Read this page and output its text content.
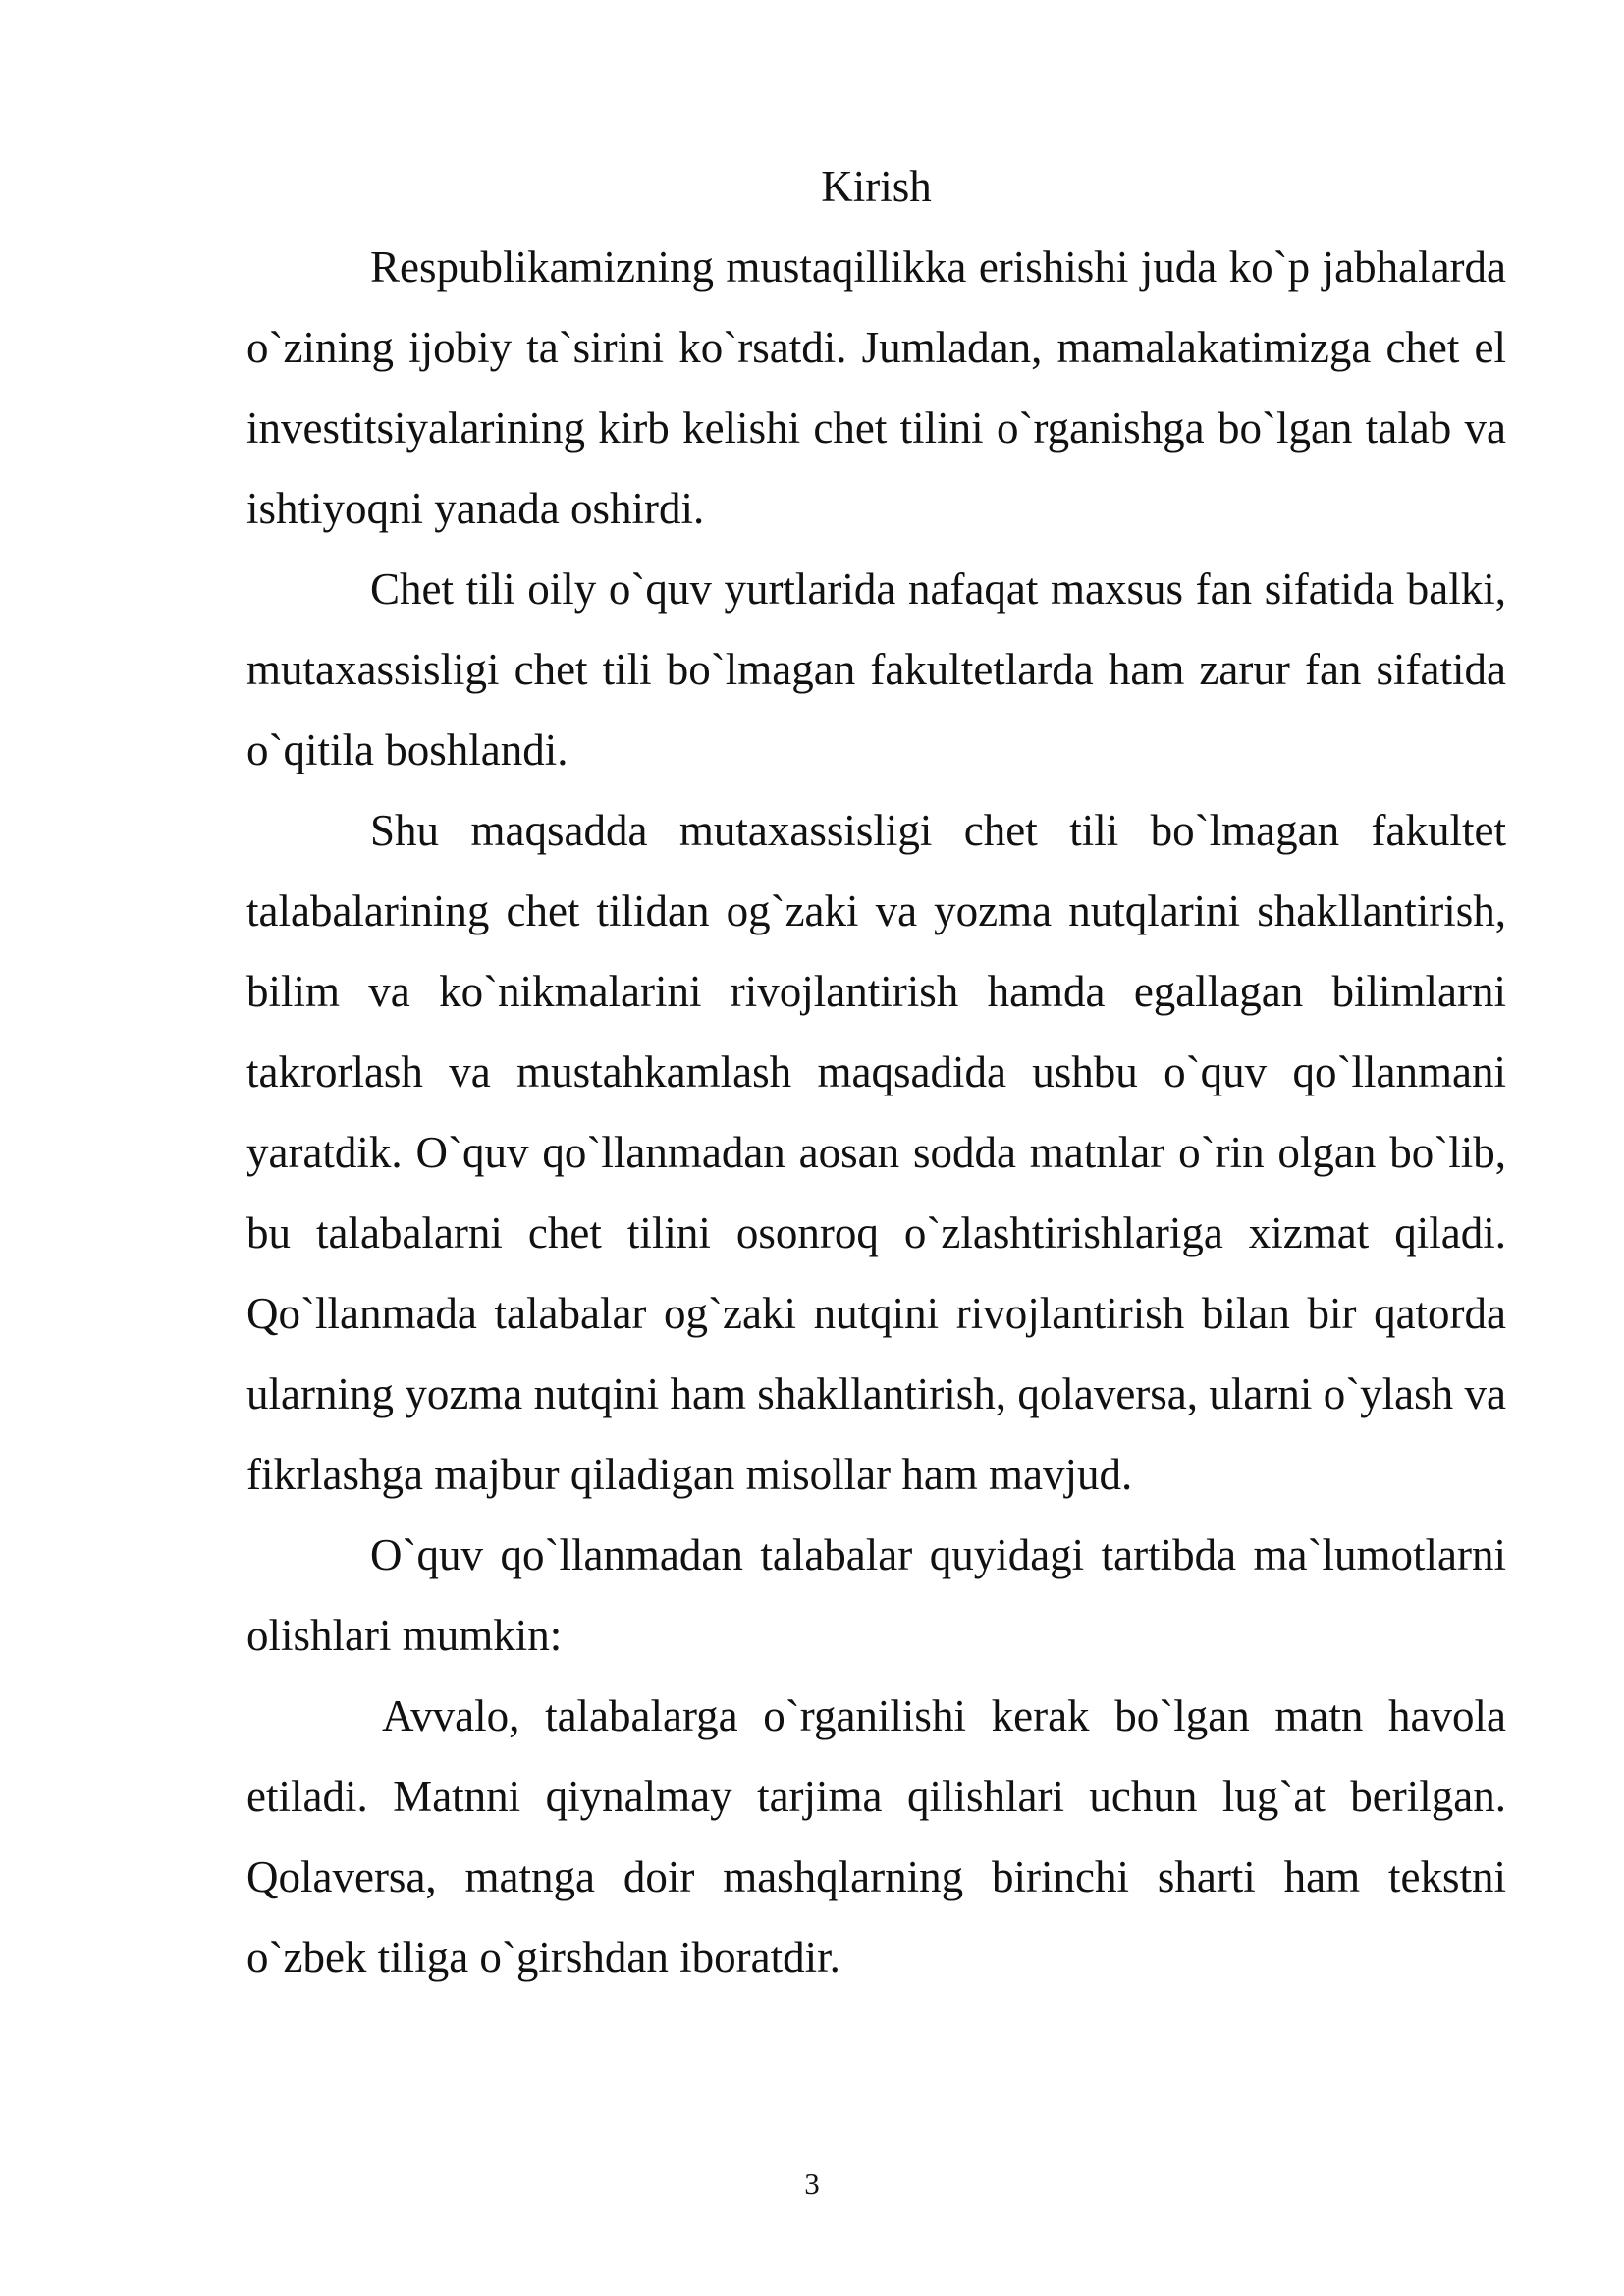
Kirish

Respublikamizning mustaqillikka erishishi juda ko`p jabhalarda o`zining ijobiy ta`sirini ko`rsatdi. Jumladan, mamalakatimizga chet el investitsiyalarining kirb kelishi chet tilini o`rganishga bo`lgan talab va ishtiyoqni yanada oshirdi.

Chet tili oily o`quv yurtlarida nafaqat maxsus fan sifatida balki, mutaxassisligi chet tili bo`lmagan fakultetlarda ham zarur fan sifatida o`qitila boshlandi.

Shu maqsadda mutaxassisligi chet tili bo`lmagan fakultet talabalarining chet tilidan og`zaki va yozma nutqlarini shakllantirish, bilim va ko`nikmalarini rivojlantirish hamda egallagan bilimlarni takrorlash va mustahkamlash maqsadida ushbu o`quv qo`llanmani yaratdik. O`quv qo`llanmadan aosan sodda matnlar o`rin olgan bo`lib, bu talabalarni chet tilini osonroq o`zlashtirishlariga xizmat qiladi. Qo`llanmada talabalar og`zaki nutqini rivojlantirish bilan bir qatorda ularning yozma nutqini ham shakllantirish, qolaversa, ularni o`ylash va fikrlashga majbur qiladigan misollar ham mavjud.

O`quv qo`llanmadan talabalar quyidagi tartibda ma`lumotlarni olishlari mumkin:

Avvalo, talabalarga o`rganilishi kerak bo`lgan matn havola etiladi. Matnni qiynalmay tarjima qilishlari uchun lug`at berilgan. Qolaversa, matnga doir mashqlarning birinchi sharti ham tekstni o`zbek tiliga o`girshdan iboratdir.

3
